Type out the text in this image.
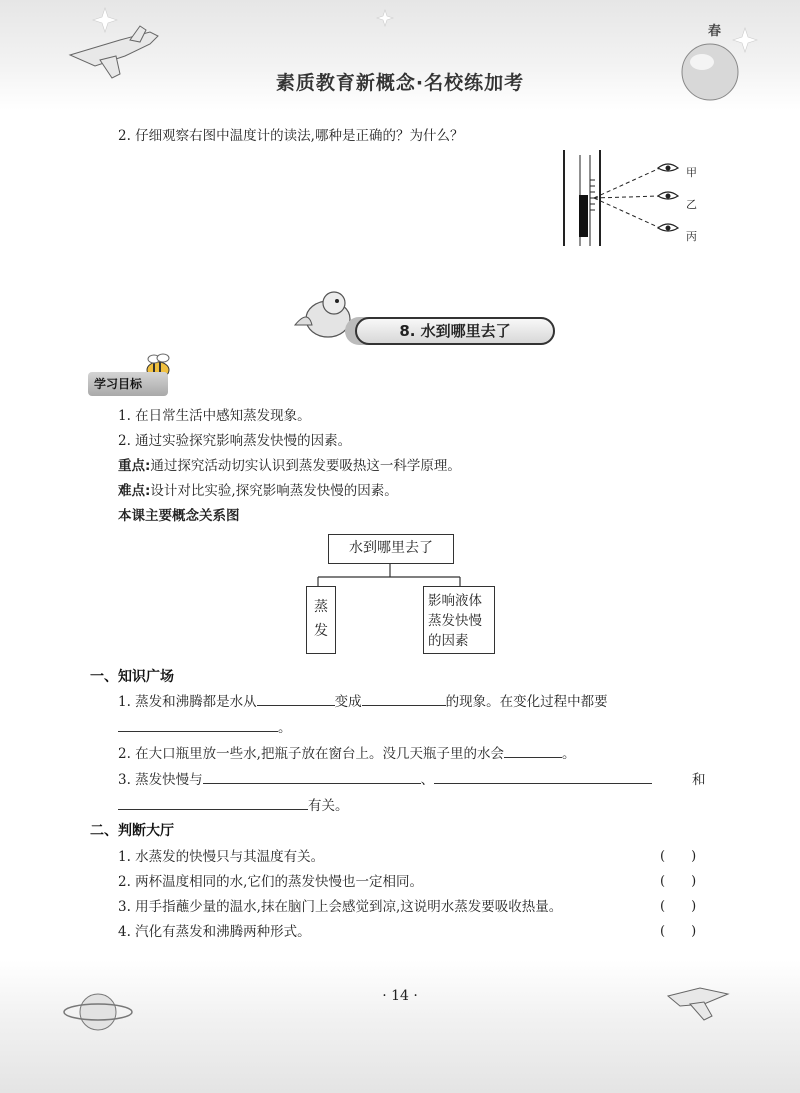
素质教育新概念·名校练加考
春
2. 仔细观察右图中温度计的读法,哪种是正确的？为什么？
甲
乙
丙
8. 水到哪里去了
学习目标
1. 在日常生活中感知蒸发现象。
2. 通过实验探究影响蒸发快慢的因素。
重点:通过探究活动切实认识到蒸发要吸热这一科学原理。
难点:设计对比实验,探究影响蒸发快慢的因素。
本课主要概念关系图
水到哪里去了
蒸
发
影响液体
蒸发快慢
的因素
一、知识广场
1. 蒸发和沸腾都是水从	变成	的现象。在变化过程中都要
。
2. 在大口瓶里放一些水,把瓶子放在窗台上。没几天瓶子里的水会	。
3. 蒸发快慢与	、	和
有关。
二、判断大厅
1. 水蒸发的快慢只与其温度有关。	(　　)
2. 两杯温度相同的水,它们的蒸发快慢也一定相同。	(　　)
3. 用手指蘸少量的温水,抹在脑门上会感觉到凉,这说明水蒸发要吸收热量。	(　　)
4. 汽化有蒸发和沸腾两种形式。	(　　)
· 14 ·
